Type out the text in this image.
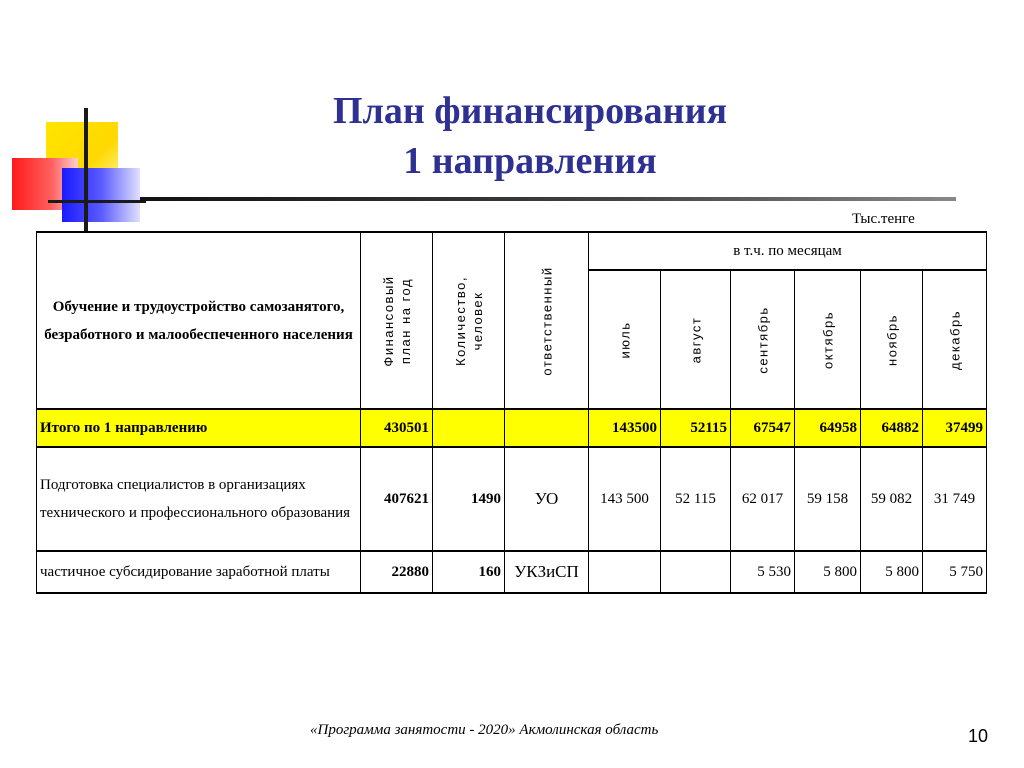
План финансирования
1 направления
Тыс.тенге
Обучение и трудоустройство самозанятого, безработного и малообеспеченного населения	Финансовый план на год	Количество, человек	ответственный	в т.ч. по месяцам					

				июль	август	сентябрь	октябрь	ноябрь	декабрь

Итого по 1 направлению	430501			143500	52115	67547	64958	64882	37499
Подготовка специалистов в организациях технического и профессионального образования	407621	1490	УО	143 500	52 115	62 017	59 158	59 082	31 749
частичное субсидирование заработной платы	22880	160	УКЗиСП			5 530	5 800	5 800	5 750
«Программа занятости - 2020» Акмолинская область	10
